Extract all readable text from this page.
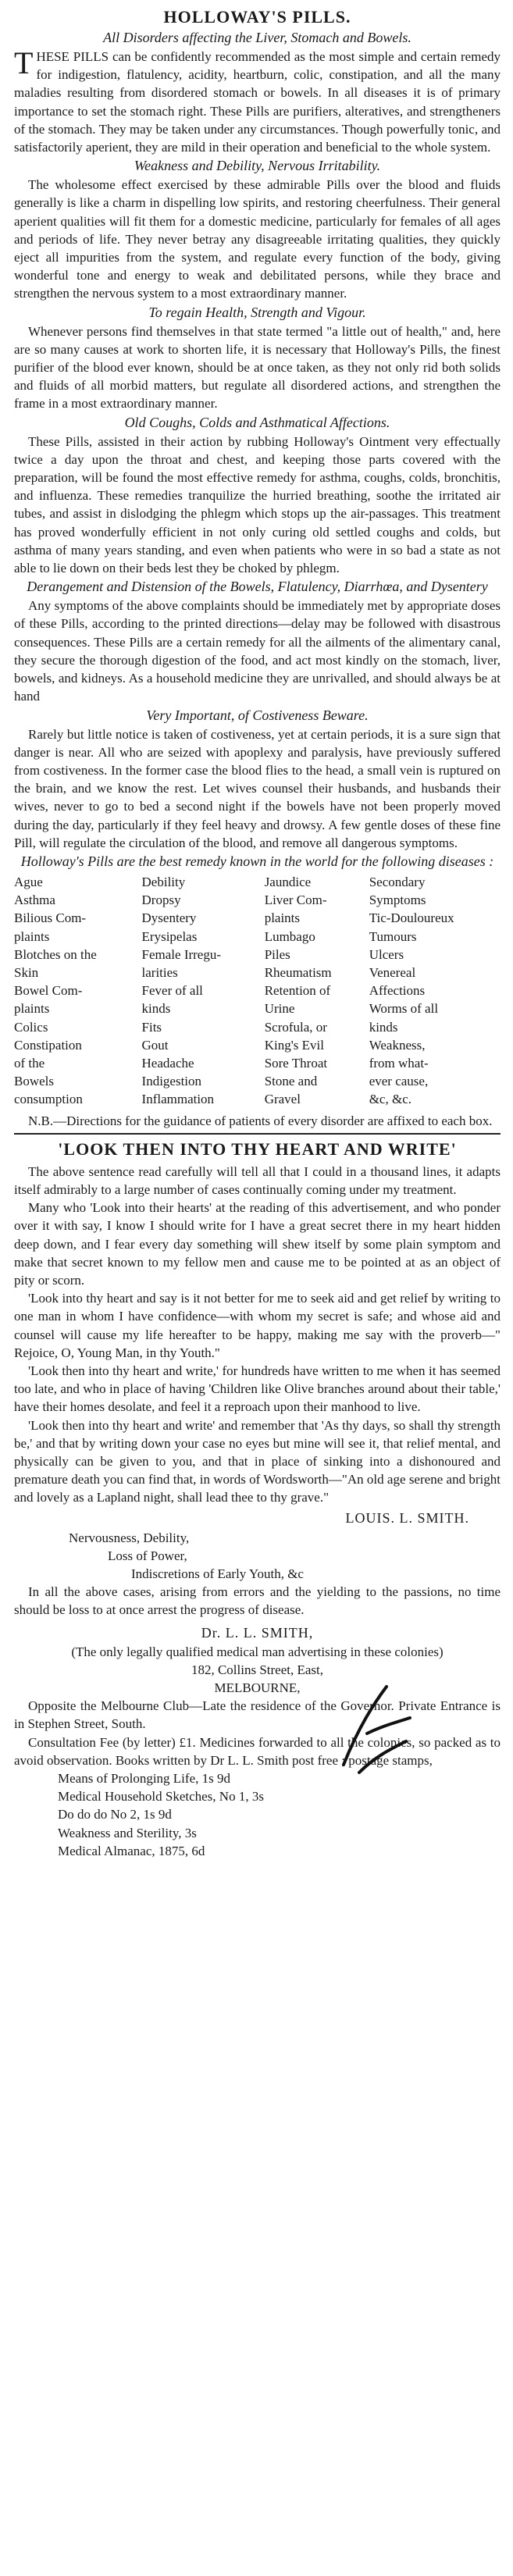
HOLLOWAY'S PILLS.

All Disorders affecting the Liver, Stomach and Bowels.

THESE PILLS can be confidently recommended as the most simple and certain remedy for indigestion, flatulency, acidity, heartburn, colic, constipation, and all the many maladies resulting from disordered stomach or bowels. In all diseases it is of primary importance to set the stomach right. These Pills are purifiers, alteratives, and strengtheners of the stomach. They may be taken under any circumstances. Though powerfully tonic, and satisfactorily aperient, they are mild in their operation and beneficial to the whole system.

Weakness and Debility, Nervous Irritability.

The wholesome effect exercised by these admirable Pills over the blood and fluids generally is like a charm in dispelling low spirits, and restoring cheerfulness. Their general aperient qualities will fit them for a domestic medicine, particularly for females of all ages and periods of life. They never betray any disagreeable irritating qualities, they quickly eject all impurities from the system, and regulate every function of the body, giving wonderful tone and energy to weak and debilitated persons, while they brace and strengthen the nervous system to a most extraordinary manner.

To regain Health, Strength and Vigour.

Whenever persons find themselves in that state termed "a little out of health," and, here are so many causes at work to shorten life, it is necessary that Holloway's Pills, the finest purifier of the blood ever known, should be at once taken, as they not only rid both solids and fluids of all morbid matters, but regulate all disordered actions, and strengthen the frame in a most extraordinary manner.

Old Coughs, Colds and Asthmatical Affections.

These Pills, assisted in their action by rubbing Holloway's Ointment very effectually twice a day upon the throat and chest, and keeping those parts covered with the preparation, will be found the most effective remedy for asthma, coughs, colds, bronchitis, and influenza. These remedies tranquilize the hurried breathing, soothe the irritated air tubes, and assist in dislodging the phlegm which stops up the air-passages. This treatment has proved wonderfully efficient in not only curing old settled coughs and colds, but asthma of many years standing, and even when patients who were in so bad a state as not able to lie down on their beds lest they be choked by phlegm.

Derangement and Distension of the Bowels, Flatulency, Diarrhœa, and Dysentery

Any symptoms of the above complaints should be immediately met by appropriate doses of these Pills, according to the printed directions—delay may be followed with disastrous consequences. These Pills are a certain remedy for all the ailments of the alimentary canal, they secure the thorough digestion of the food, and act most kindly on the stomach, liver, bowels, and kidneys. As a household medicine they are unrivalled, and should always be at hand

Very Important, of Costiveness Beware.

Rarely but little notice is taken of costiveness, yet at certain periods, it is a sure sign that danger is near. All who are seized with apoplexy and paralysis, have previously suffered from costiveness. In the former case the blood flies to the head, a small vein is ruptured on the brain, and we know the rest. Let wives counsel their husbands, and husbands their wives, never to go to bed a second night if the bowels have not been properly moved during the day, particularly if they feel heavy and drowsy. A few gentle doses of these fine Pill, will regulate the circulation of the blood, and remove all dangerous symptoms.

Holloway's Pills are the best remedy known in the world for the following diseases :

Ague	Debility	Jaundice	Secondary
Asthma	Dropsy	Liver Com-	Symptoms
Bilious Com-	Dysentery	plaints	Tic-Douloureux
plaints	Erysipelas	Lumbago	Tumours
Blotches on the	Female Irregu-	Piles	Ulcers
Skin	larities	Rheumatism	Venereal
Bowel Com-	Fever of all	Retention of	Affections
plaints	kinds	Urine	Worms of all
Colics	Fits	Scrofula, or	kinds
Constipation	Gout	King's Evil	Weakness,
of the	Headache	Sore Throat	from what-
Bowels	Indigestion	Stone and	ever cause,
consumption	Inflammation	Gravel	&c, &c.

N.B.—Directions for the guidance of patients of every disorder are affixed to each box.

'LOOK THEN INTO THY HEART AND WRITE'

The above sentence read carefully will tell all that I could in a thousand lines, it adapts itself admirably to a large number of cases continually coming under my treatment.

Many who 'Look into their hearts' at the reading of this advertisement, and who ponder over it with say, I know I should write for I have a great secret there in my heart hidden deep down, and I fear every day something will shew itself by some plain symptom and make that secret known to my fellow men and cause me to be pointed at as an object of pity or scorn.

'Look into thy heart and say is it not better for me to seek aid and get relief by writing to one man in whom I have confidence—with whom my secret is safe; and whose aid and counsel will cause my life hereafter to be happy, making me say with the proverb—" Rejoice, O, Young Man, in thy Youth."

'Look then into thy heart and write,' for hundreds have written to me when it has seemed too late, and who in place of having 'Children like Olive branches around about their table,' have their homes desolate, and feel it a reproach upon their manhood to live.

'Look then into thy heart and write' and remember that 'As thy days, so shall thy strength be,' and that by writing down your case no eyes but mine will see it, that relief mental, and physically can be given to you, and that in place of sinking into a dishonoured and premature death you can find that, in words of Wordsworth—"An old age serene and bright and lovely as a Lapland night, shall lead thee to thy grave."

LOUIS. L. SMITH.

Nervousness, Debility,

Loss of Power,

Indiscretions of Early Youth, &c

In all the above cases, arising from errors and the yielding to the passions, no time should be loss to at once arrest the progress of disease.

Dr. L. L. SMITH,

(The only legally qualified medical man advertising in these colonies)

182, Collins Street, East,

MELBOURNE,

Opposite the Melbourne Club—Late the residence of the Governor. Private Entrance is in Stephen Street, South.

Consultation Fee (by letter) £1. Medicines forwarded to all the colonies, so packed as to avoid observation. Books written by Dr L. L. Smith post free ; postage stamps,

Means of Prolonging Life, 1s 9d

Medical Household Sketches, No 1, 3s

Do do do No 2, 1s 9d

Weakness and Sterility, 3s

Medical Almanac, 1875, 6d
